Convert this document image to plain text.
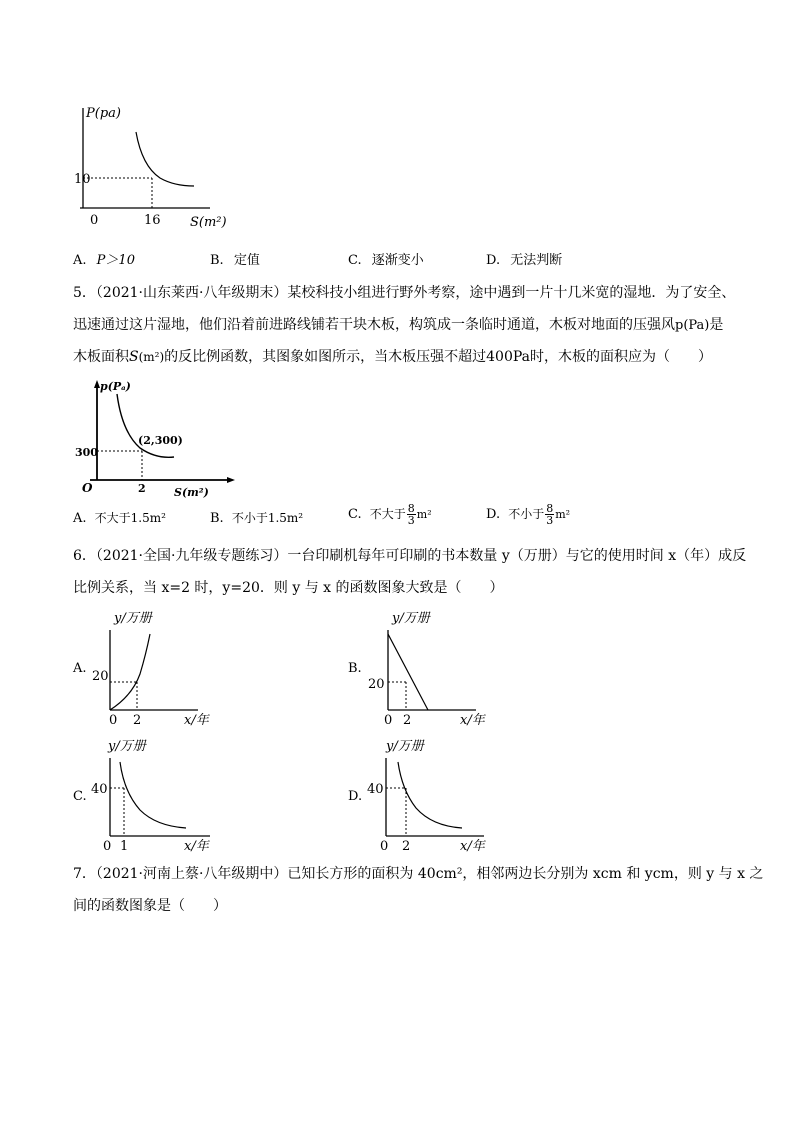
P(pa)
10
0	16 S(m²)
A. P＞10	B. 定值	C. 逐渐变小	D. 无法判断
5．（2021·山东莱西·八年级期末）某校科技小组进行野外考察，途中遇到一片十几米宽的湿地．为了安全、
迅速通过这片湿地，他们沿着前进路线铺若干块木板，构筑成一条临时通道，木板对地面的压强风p(Pa)是
木板面积S(m²)的反比例函数，其图象如图所示，当木板压强不超过400Pa时，木板的面积应为（　　）
p(Pₐ)
(2,300)
300
O	2	S(m²)
A. 不大于1.5m²	B. 不小于1.5m²	C. 不大于 $\frac{8}{3} m^2$	D. 不小于 $\frac{8}{3} m^2$
6．（2021·全国·九年级专题练习）一台印刷机每年可印刷的书本数量 y（万册）与它的使用时间 x（年）成反
比例关系，当 x=2 时，y=20．则 y 与 x 的函数图象大致是（　　）
A.
y/万册
20
0 2	x/年
B.
y/万册
20
0 2	x/年
C.
y/万册
40
0 1	x/年
D.
y/万册
40
0 2	x/年
7．（2021·河南上蔡·八年级期中）已知长方形的面积为 40cm²，相邻两边长分别为 xcm 和 ycm，则 y 与 x 之
间的函数图象是（　　）
